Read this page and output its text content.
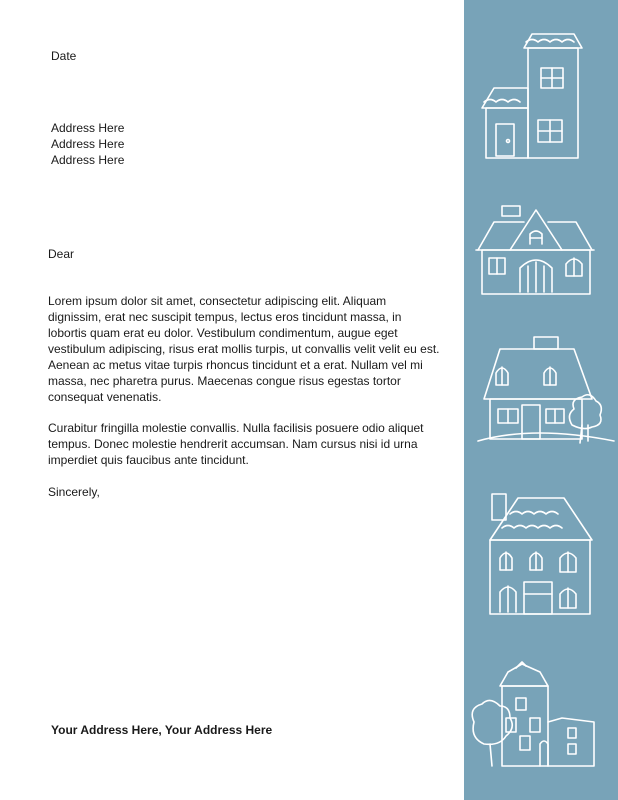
Date

Address Here
Address Here
Address Here

Dear

Lorem ipsum dolor sit amet, consectetur adipiscing elit. Aliquam dignissim, erat nec suscipit tempus, lectus eros tincidunt massa, in lobortis quam erat eu dolor. Vestibulum condimentum, augue eget vestibulum adipiscing, risus erat mollis turpis, ut convallis velit velit eu est. Aenean ac metus vitae turpis rhoncus tincidunt et a erat. Nullam vel mi massa, nec pharetra purus. Maecenas congue risus egestas tortor consequat venenatis.

Curabitur fringilla molestie convallis. Nulla facilisis posuere odio aliquet tempus. Donec molestie hendrerit accumsan. Nam cursus nisi id urna imperdiet quis faucibus ante tincidunt.

Sincerely,

Your Address Here, Your Address Here
